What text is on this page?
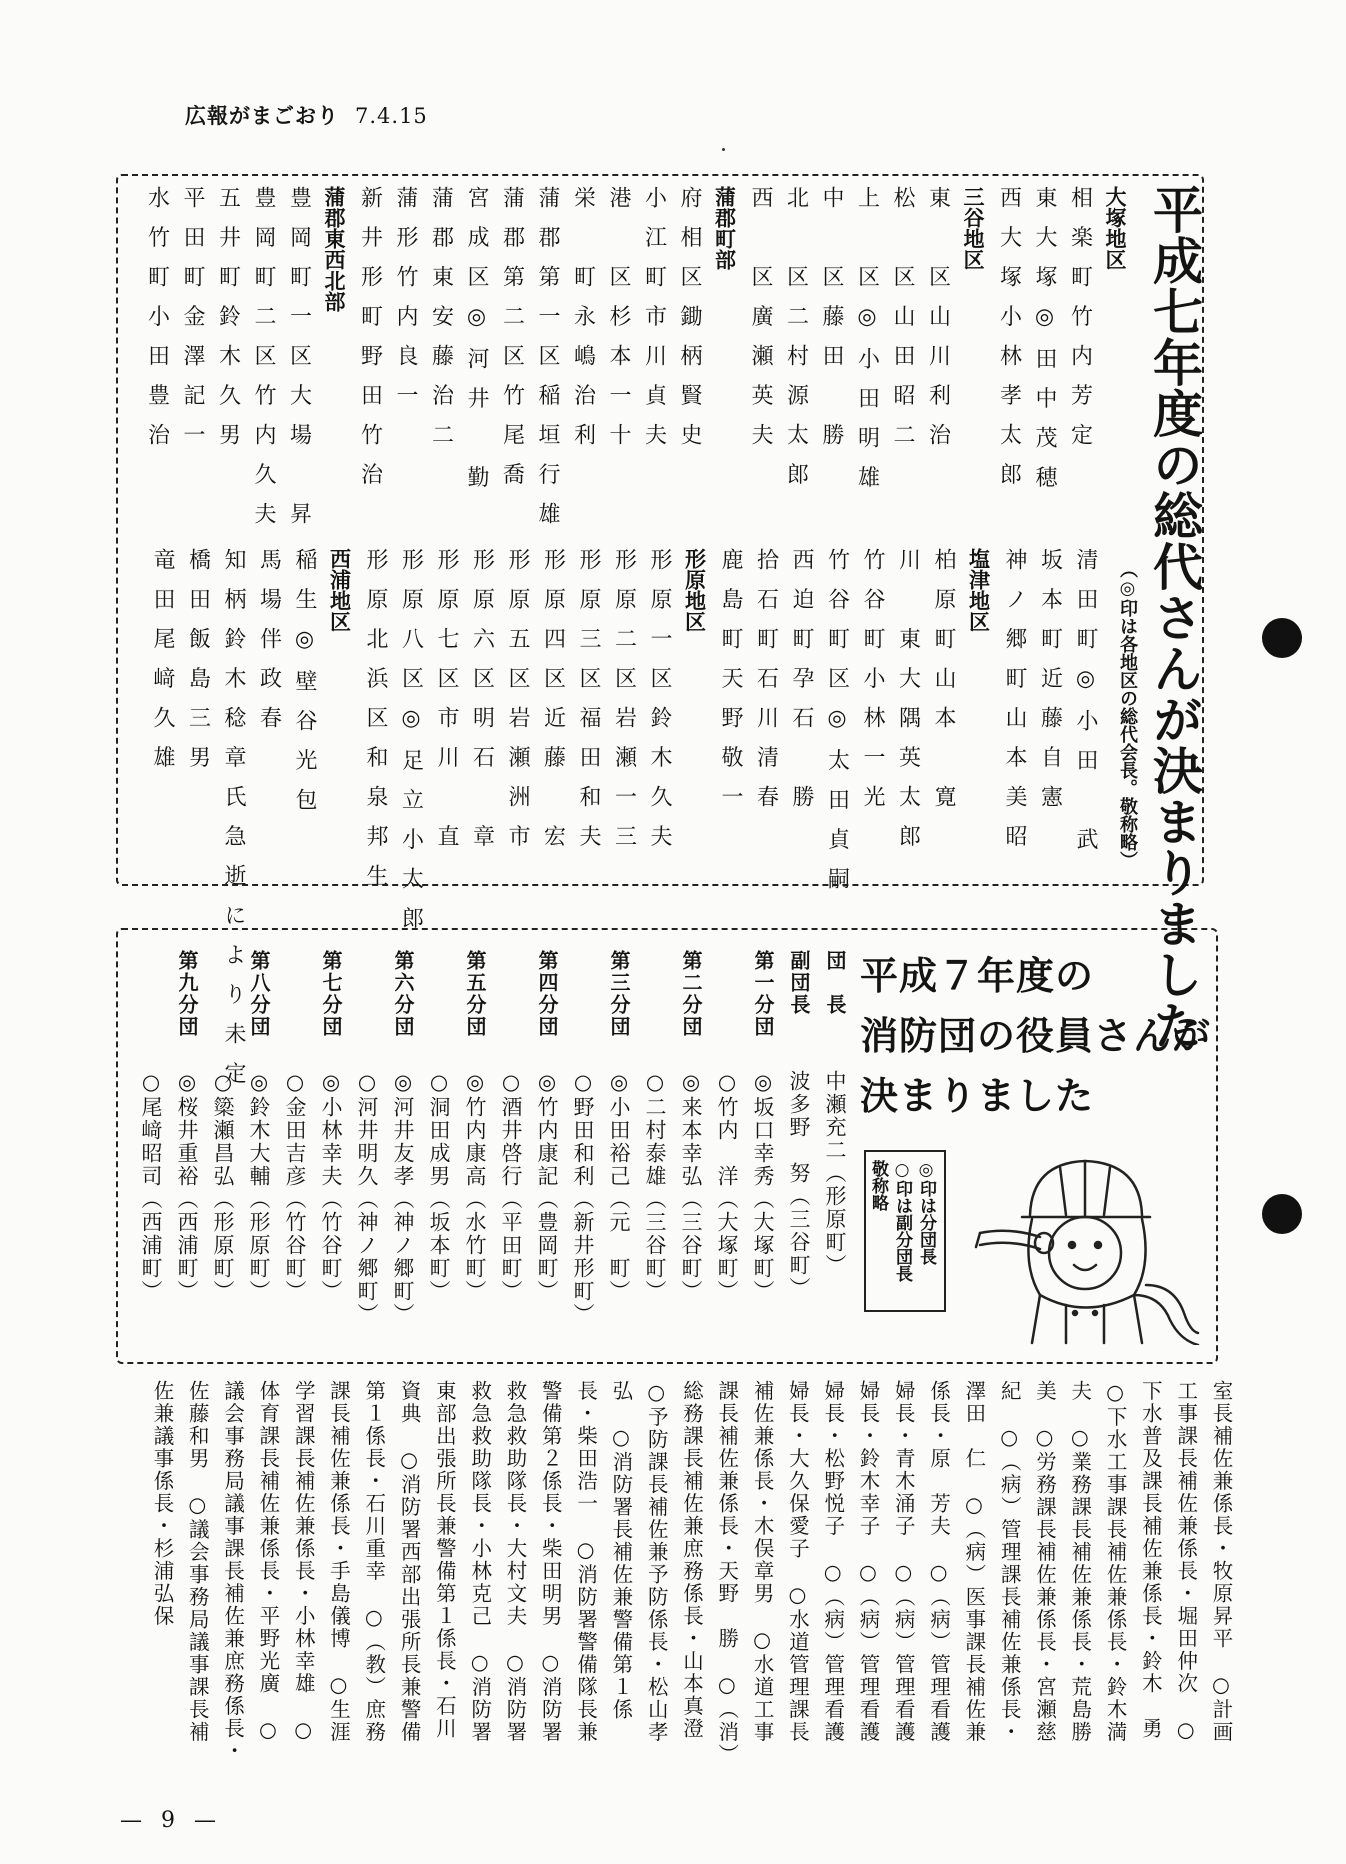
広報がまごおり 7.4.15
平成七年度の総代さんが決まりました
（◎印は各地区の総代会長。敬称略）
大塚地区
相楽町竹内芳定
東大塚◎田中茂穂
西大塚小林孝太郎
三谷地区
東　区山川利治
松　区山田昭二
上　区◎小田明雄
中　区藤田　勝
北　区二村源太郎
西　区廣瀬英夫
蒲郡町部
府相区鋤柄賢史
小江町市川貞夫
港　区杉本一十
栄　町永嶋治利
蒲郡第一区稲垣行雄
蒲郡第二区竹尾喬
宮成区◎河井　勤
蒲郡東安藤治二
蒲形竹内良一
新井形町野田竹治
蒲郡東西北部
豊岡町一区大場　昇
豊岡町二区竹内久夫
五井町鈴木久男
平田町金澤記一
水竹町小田豊治
清田町◎小田　武
坂本町近藤自憲
神ノ郷町山本美昭
塩津地区
柏原町山本　寛
川　東大隅英太郎
竹谷町小林一光
竹谷町区◎太田貞嗣
西迫町孕石　勝
拾石町石川清春
鹿島町天野敬一
形原地区
形原一区鈴木久夫
形原二区岩瀬一三
形原三区福田和夫
形原四区近藤　宏
形原五区岩瀬洲市
形原六区明石　章
形原七区市川　直
形原八区◎足立小太郎
形原北浜区和泉邦生
西浦地区
稲生◎壁谷光包
馬場伴政春
知柄鈴木稔章氏急逝により未定
橋田飯島三男
竜田尾﨑久雄
平成７年度の
消防団の役員さんが
決まりました
◎印は分団長
○印は副分団長
敬称略
団　長
中瀬充二（形原町）
副団長
波多野　努（三谷町）
第一分団
◎坂口幸秀（大塚町）
○竹内　洋（大塚町）
第二分団
◎来本幸弘（三谷町）
○二村泰雄（三谷町）
第三分団
◎小田裕己（元　町）
○野田和利（新井形町）
第四分団
◎竹内康記（豊岡町）
○酒井啓行（平田町）
第五分団
◎竹内康高（水竹町）
○洞田成男（坂本町）
第六分団
◎河井友孝（神ノ郷町）
○河井明久（神ノ郷町）
第七分団
◎小林幸夫（竹谷町）
○金田吉彦（竹谷町）
第八分団
◎鈴木大輔（形原町）
○簗瀬昌弘（形原町）
第九分団
◎桜井重裕（西浦町）
○尾﨑昭司（西浦町）
室長補佐兼係長・牧原昇平　○計画
工事課長補佐兼係長・堀田仲次　○
下水普及課長補佐兼係長・鈴木　勇
○下水工事課長補佐兼係長・鈴木満
夫　○業務課長補佐兼係長・荒島勝
美　○労務課長補佐兼係長・宮瀬慈
紀　○（病）管理課長補佐兼係長・
澤田　仁　○（病）医事課長補佐兼
係長・原　芳夫　○（病）管理看護
婦長・青木涌子　○（病）管理看護
婦長・鈴木幸子　○（病）管理看護
婦長・松野悦子　○（病）管理看護
婦長・大久保愛子　○水道管理課長
補佐兼係長・木俣章男　○水道工事
課長補佐兼係長・天野　勝　○（消）
総務課長補佐兼庶務係長・山本真澄
○予防課長補佐兼予防係長・松山孝
弘　○消防署長補佐兼警備第１係
長・柴田浩一　○消防署警備隊長兼
警備第２係長・柴田明男　○消防署
救急救助隊長・大村文夫　○消防署
救急救助隊長・小林克己　○消防署
東部出張所長兼警備第１係長・石川
資典　○消防署西部出張所長兼警備
第１係長・石川重幸　○（教）庶務
課長補佐兼係長・手島儀博　○生涯
学習課長補佐兼係長・小林幸雄　○
体育課長補佐兼係長・平野光廣　○
議会事務局議事課長補佐兼庶務係長・
佐藤和男　○議会事務局議事課長補
佐兼議事係長・杉浦弘保
— 9 —
